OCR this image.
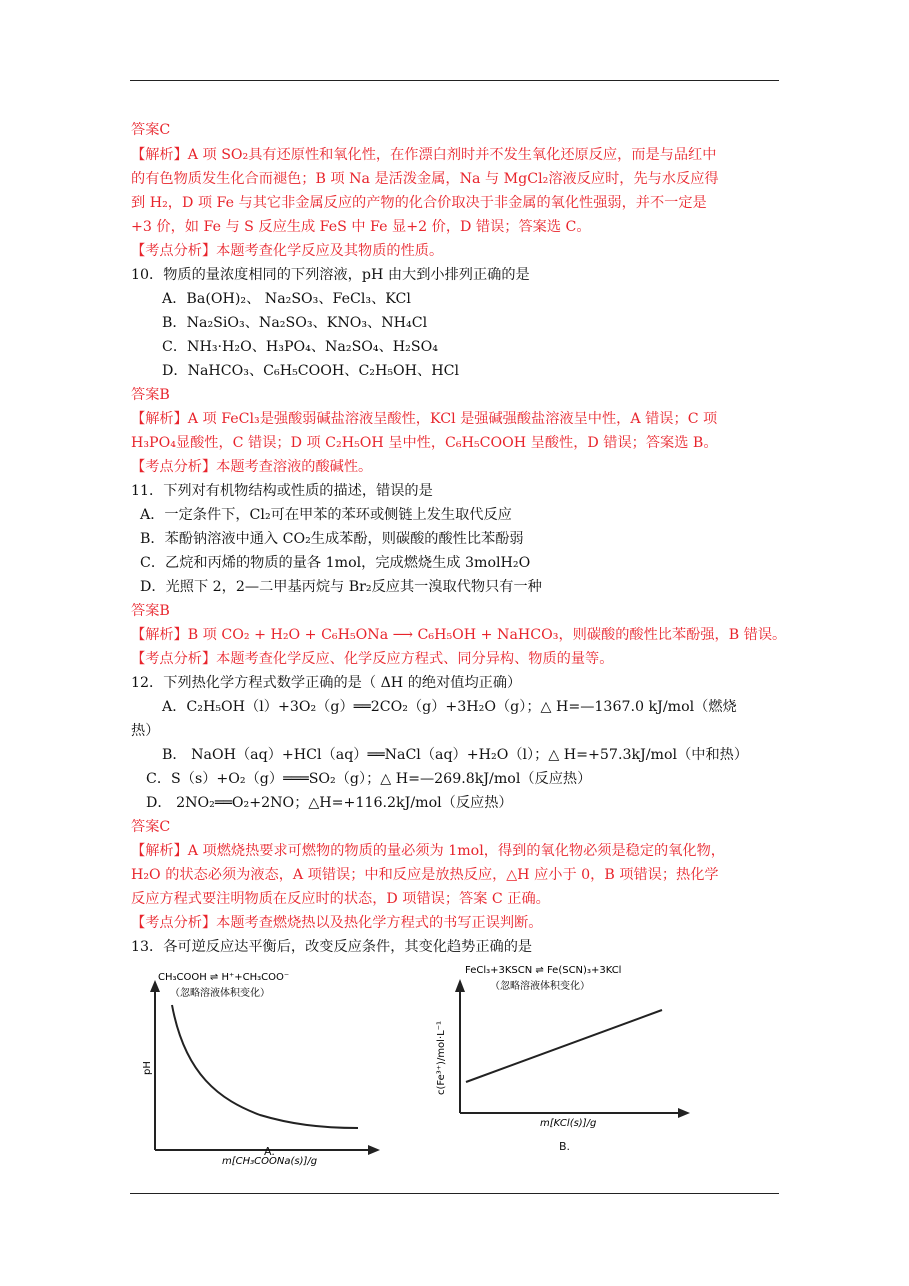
答案C
【解析】A 项 SO₂具有还原性和氧化性，在作漂白剂时并不发生氧化还原反应，而是与品红中
的有色物质发生化合而褪色；B 项 Na 是活泼金属，Na 与 MgCl₂溶液反应时，先与水反应得
到 H₂，D 项 Fe 与其它非金属反应的产物的化合价取决于非金属的氧化性强弱，并不一定是
+3 价，如 Fe 与 S 反应生成 FeS 中 Fe 显+2 价，D 错误；答案选 C。
【考点分析】本题考查化学反应及其物质的性质。
10．物质的量浓度相同的下列溶液，pH 由大到小排列正确的是
A．Ba(OH)₂、 Na₂SO₃、FeCl₃、KCl
B．Na₂SiO₃、Na₂SO₃、KNO₃、NH₄Cl
C．NH₃·H₂O、H₃PO₄、Na₂SO₄、H₂SO₄
D．NaHCO₃、C₆H₅COOH、C₂H₅OH、HCl
答案B
【解析】A 项 FeCl₃是强酸弱碱盐溶液呈酸性，KCl 是强碱强酸盐溶液呈中性，A 错误；C 项
H₃PO₄显酸性，C 错误；D 项 C₂H₅OH 呈中性，C₆H₅COOH 呈酸性，D 错误；答案选 B。
【考点分析】本题考查溶液的酸碱性。
11．下列对有机物结构或性质的描述，错误的是
A．一定条件下，Cl₂可在甲苯的苯环或侧链上发生取代反应
B．苯酚钠溶液中通入 CO₂生成苯酚，则碳酸的酸性比苯酚弱
C．乙烷和丙烯的物质的量各 1mol，完成燃烧生成 3molH₂O
D．光照下 2，2—二甲基丙烷与 Br₂反应其一溴取代物只有一种
答案B
【解析】B 项 CO₂ + H₂O + C₆H₅ONa ⟶ C₆H₅OH + NaHCO₃，则碳酸的酸性比苯酚强，B 错误。
【考点分析】本题考查化学反应、化学反应方程式、同分异构、物质的量等。
12．下列热化学方程式数学正确的是（ ΔH 的绝对值均正确）
A．C₂H₅OH（l）+3O₂（g）══2CO₂（g）+3H₂O（g）；△ H=—1367.0 kJ/mol（燃烧
热）
B． NaOH（aq）+HCl（aq）══NaCl（aq）+H₂O（l）；△ H=+57.3kJ/mol（中和热）
C．S（s）+O₂（g）═══SO₂（g）；△ H=—269.8kJ/mol（反应热）
D． 2NO₂══O₂+2NO；△H=+116.2kJ/mol（反应热）
答案C
【解析】A 项燃烧热要求可燃物的物质的量必须为 1mol，得到的氧化物必须是稳定的氧化物，
H₂O 的状态必须为液态，A 项错误；中和反应是放热反应，△H 应小于 0，B 项错误；热化学
反应方程式要注明物质在反应时的状态，D 项错误；答案 C 正确。
【考点分析】本题考查燃烧热以及热化学方程式的书写正误判断。
13．各可逆反应达平衡后，改变反应条件，其变化趋势正确的是
CH₃COOH ⇌ H⁺+CH₃COO⁻
（忽略溶液体积变化）
pH
m[CH₃COONa(s)]/g
A.
FeCl₃+3KSCN ⇌ Fe(SCN)₃+3KCl
（忽略溶液体积变化）
c(Fe³⁺)/mol·L⁻¹
m[KCl(s)]/g
B.
